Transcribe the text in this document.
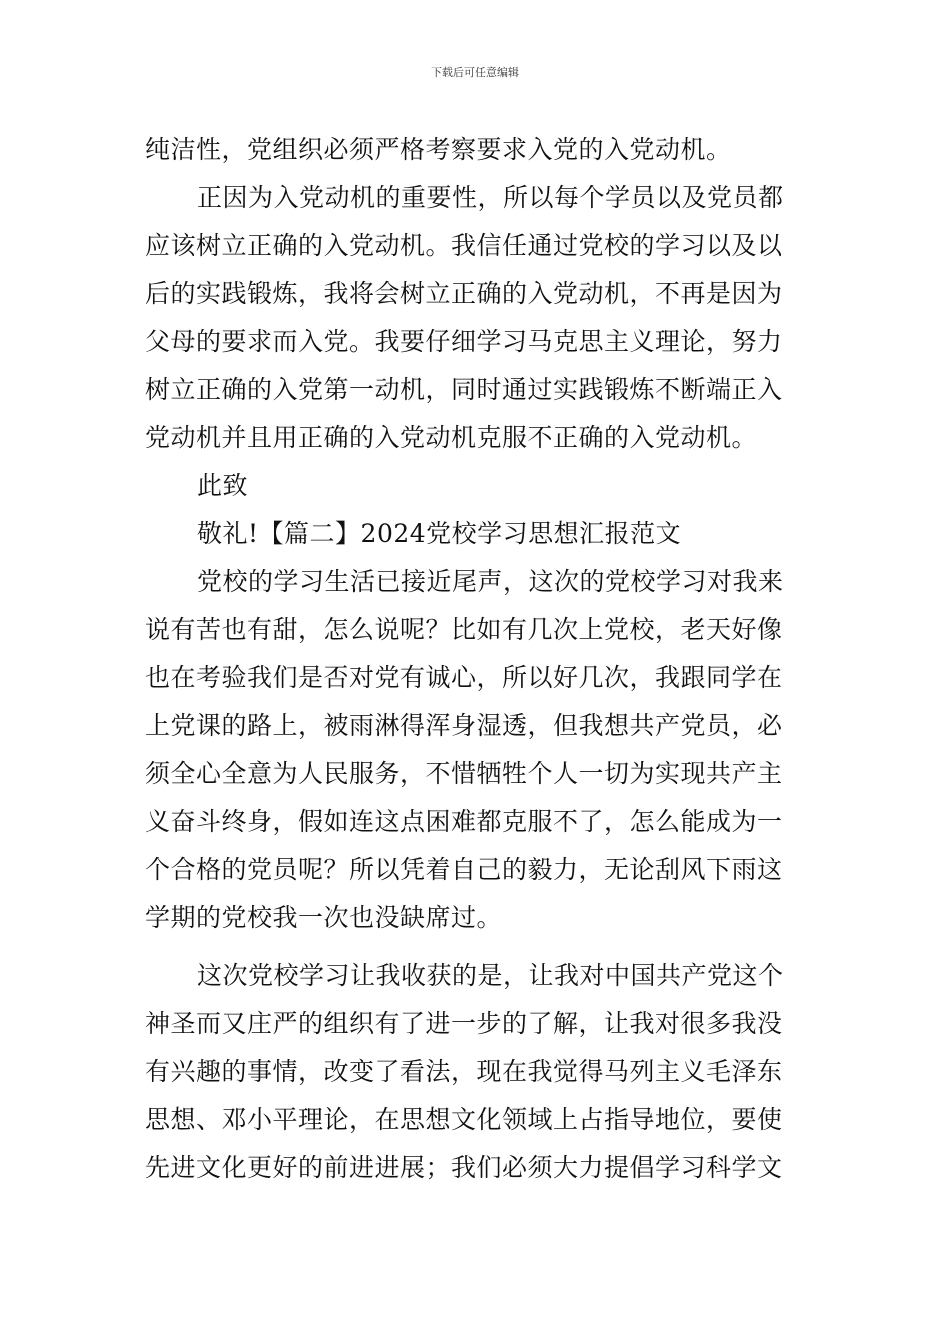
下载后可任意编辑

纯洁性，党组织必须严格考察要求入党的入党动机。
正因为入党动机的重要性，所以每个学员以及党员都
应该树立正确的入党动机。我信任通过党校的学习以及以
后的实践锻炼，我将会树立正确的入党动机，不再是因为
父母的要求而入党。我要仔细学习马克思主义理论，努力
树立正确的入党第一动机，同时通过实践锻炼不断端正入
党动机并且用正确的入党动机克服不正确的入党动机。
此致
敬礼!【篇二】2024党校学习思想汇报范文
党校的学习生活已接近尾声，这次的党校学习对我来
说有苦也有甜，怎么说呢？比如有几次上党校，老天好像
也在考验我们是否对党有诚心，所以好几次，我跟同学在
上党课的路上，被雨淋得浑身湿透，但我想共产党员，必
须全心全意为人民服务，不惜牺牲个人一切为实现共产主
义奋斗终身，假如连这点困难都克服不了，怎么能成为一
个合格的党员呢？所以凭着自己的毅力，无论刮风下雨这
学期的党校我一次也没缺席过。
这次党校学习让我收获的是，让我对中国共产党这个
神圣而又庄严的组织有了进一步的了解，让我对很多我没
有兴趣的事情，改变了看法，现在我觉得马列主义毛泽东
思想、邓小平理论，在思想文化领域上占指导地位，要使
先进文化更好的前进进展；我们必须大力提倡学习科学文
